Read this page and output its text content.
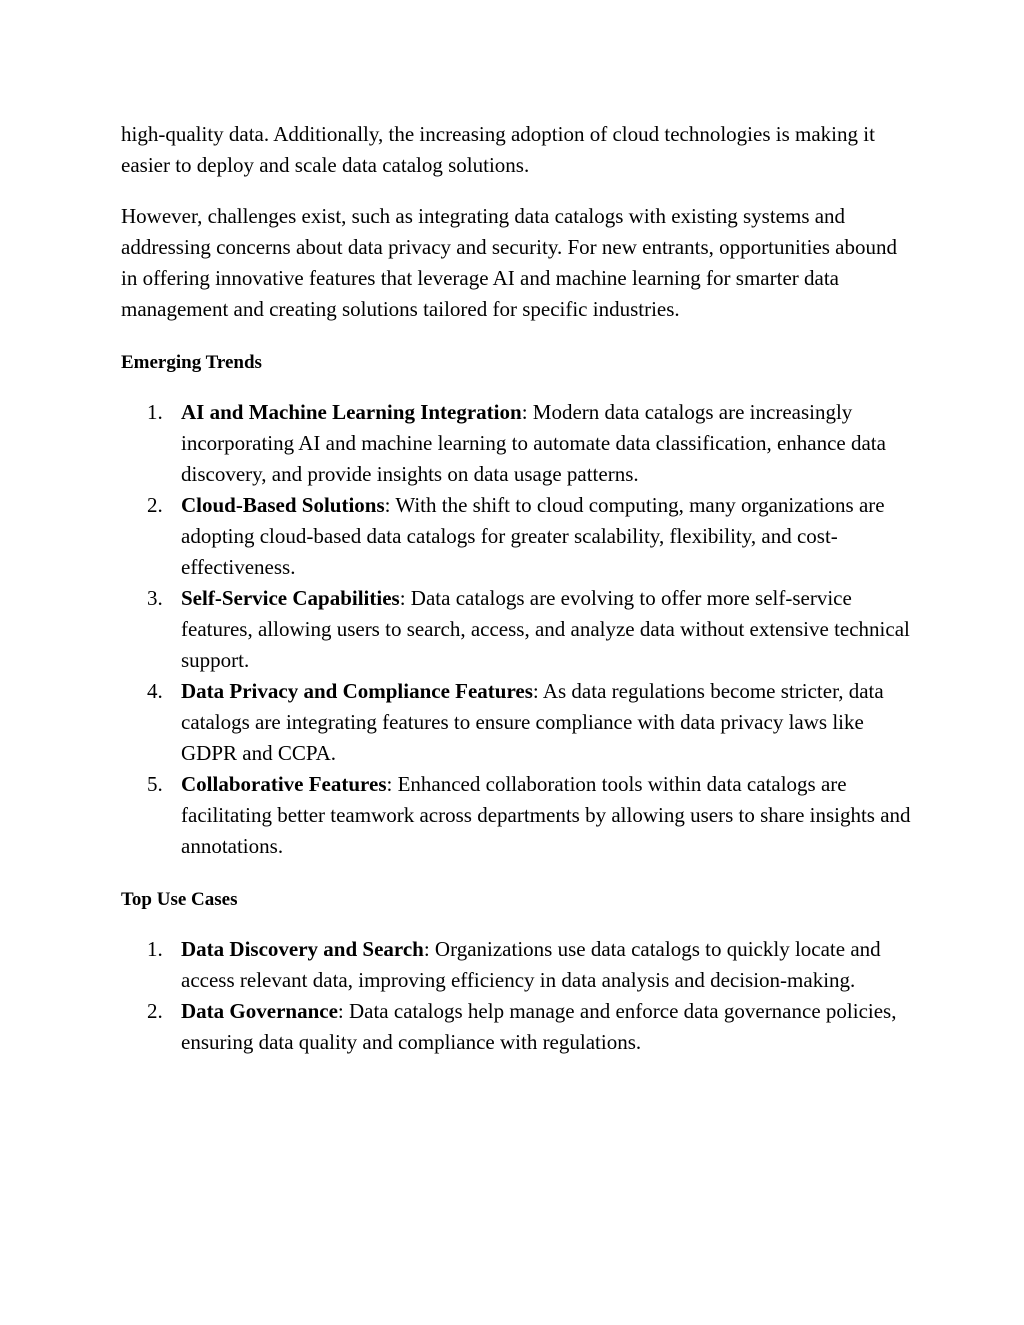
high-quality data. Additionally, the increasing adoption of cloud technologies is making it easier to deploy and scale data catalog solutions.

However, challenges exist, such as integrating data catalogs with existing systems and addressing concerns about data privacy and security. For new entrants, opportunities abound in offering innovative features that leverage AI and machine learning for smarter data management and creating solutions tailored for specific industries.

Emerging Trends
1. AI and Machine Learning Integration: Modern data catalogs are increasingly incorporating AI and machine learning to automate data classification, enhance data discovery, and provide insights on data usage patterns.
2. Cloud-Based Solutions: With the shift to cloud computing, many organizations are adopting cloud-based data catalogs for greater scalability, flexibility, and cost-effectiveness.
3. Self-Service Capabilities: Data catalogs are evolving to offer more self-service features, allowing users to search, access, and analyze data without extensive technical support.
4. Data Privacy and Compliance Features: As data regulations become stricter, data catalogs are integrating features to ensure compliance with data privacy laws like GDPR and CCPA.
5. Collaborative Features: Enhanced collaboration tools within data catalogs are facilitating better teamwork across departments by allowing users to share insights and annotations.
Top Use Cases
1. Data Discovery and Search: Organizations use data catalogs to quickly locate and access relevant data, improving efficiency in data analysis and decision-making.
2. Data Governance: Data catalogs help manage and enforce data governance policies, ensuring data quality and compliance with regulations.
